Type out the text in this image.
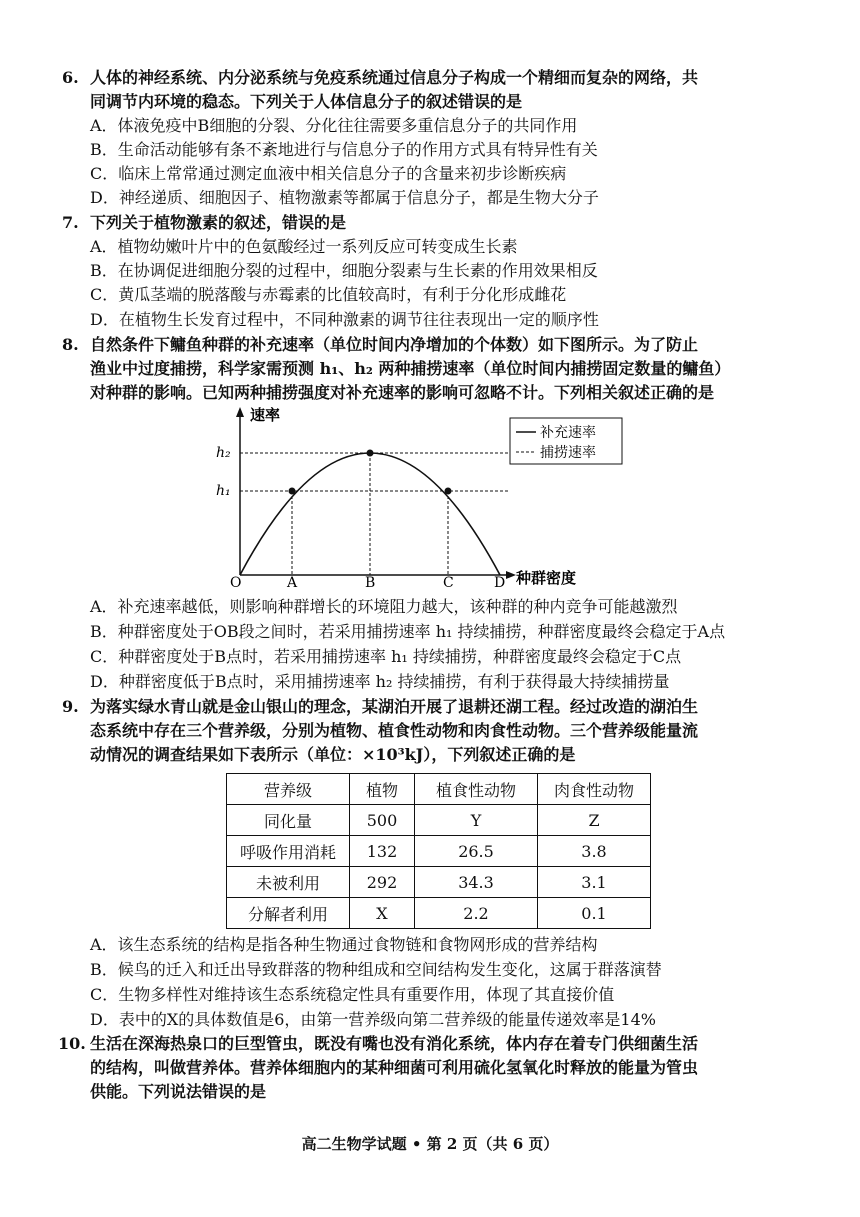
6. 人体的神经系统、内分泌系统与免疫系统通过信息分子构成一个精细而复杂的网络，共
同调节内环境的稳态。下列关于人体信息分子的叙述错误的是
A．体液免疫中B细胞的分裂、分化往往需要多重信息分子的共同作用
B．生命活动能够有条不紊地进行与信息分子的作用方式具有特异性有关
C．临床上常常通过测定血液中相关信息分子的含量来初步诊断疾病
D．神经递质、细胞因子、植物激素等都属于信息分子，都是生物大分子
7. 下列关于植物激素的叙述，错误的是
A．植物幼嫩叶片中的色氨酸经过一系列反应可转变成生长素
B．在协调促进细胞分裂的过程中，细胞分裂素与生长素的作用效果相反
C．黄瓜茎端的脱落酸与赤霉素的比值较高时，有利于分化形成雌花
D．在植物生长发育过程中，不同种激素的调节往往表现出一定的顺序性
8. 自然条件下鳙鱼种群的补充速率（单位时间内净增加的个体数）如下图所示。为了防止
渔业中过度捕捞，科学家需预测 h₁、h₂ 两种捕捞速率（单位时间内捕捞固定数量的鳙鱼）
对种群的影响。已知两种捕捞强度对补充速率的影响可忽略不计。下列相关叙述正确的是
速率
O	种群密度
h₂
h₁
A	B	C	D
补充速率
捕捞速率
A．补充速率越低，则影响种群增长的环境阻力越大，该种群的种内竞争可能越激烈
B．种群密度处于OB段之间时，若采用捕捞速率 h₁ 持续捕捞，种群密度最终会稳定于A点
C．种群密度处于B点时，若采用捕捞速率 h₁ 持续捕捞，种群密度最终会稳定于C点
D．种群密度低于B点时，采用捕捞速率 h₂ 持续捕捞，有利于获得最大持续捕捞量
9. 为落实绿水青山就是金山银山的理念，某湖泊开展了退耕还湖工程。经过改造的湖泊生
态系统中存在三个营养级，分别为植物、植食性动物和肉食性动物。三个营养级能量流
动情况的调查结果如下表所示（单位：×10³kJ），下列叙述正确的是
营养级	植物	植食性动物	肉食性动物
同化量	500	Y	Z
呼吸作用消耗	132	26.5	3.8
未被利用	292	34.3	3.1
分解者利用	X	2.2	0.1
A．该生态系统的结构是指各种生物通过食物链和食物网形成的营养结构
B．候鸟的迁入和迁出导致群落的物种组成和空间结构发生变化，这属于群落演替
C．生物多样性对维持该生态系统稳定性具有重要作用，体现了其直接价值
D．表中的X的具体数值是6，由第一营养级向第二营养级的能量传递效率是14%
10. 生活在深海热泉口的巨型管虫，既没有嘴也没有消化系统，体内存在着专门供细菌生活
的结构，叫做营养体。营养体细胞内的某种细菌可利用硫化氢氧化时释放的能量为管虫
供能。下列说法错误的是
高二生物学试题 • 第 2 页（共 6 页）
